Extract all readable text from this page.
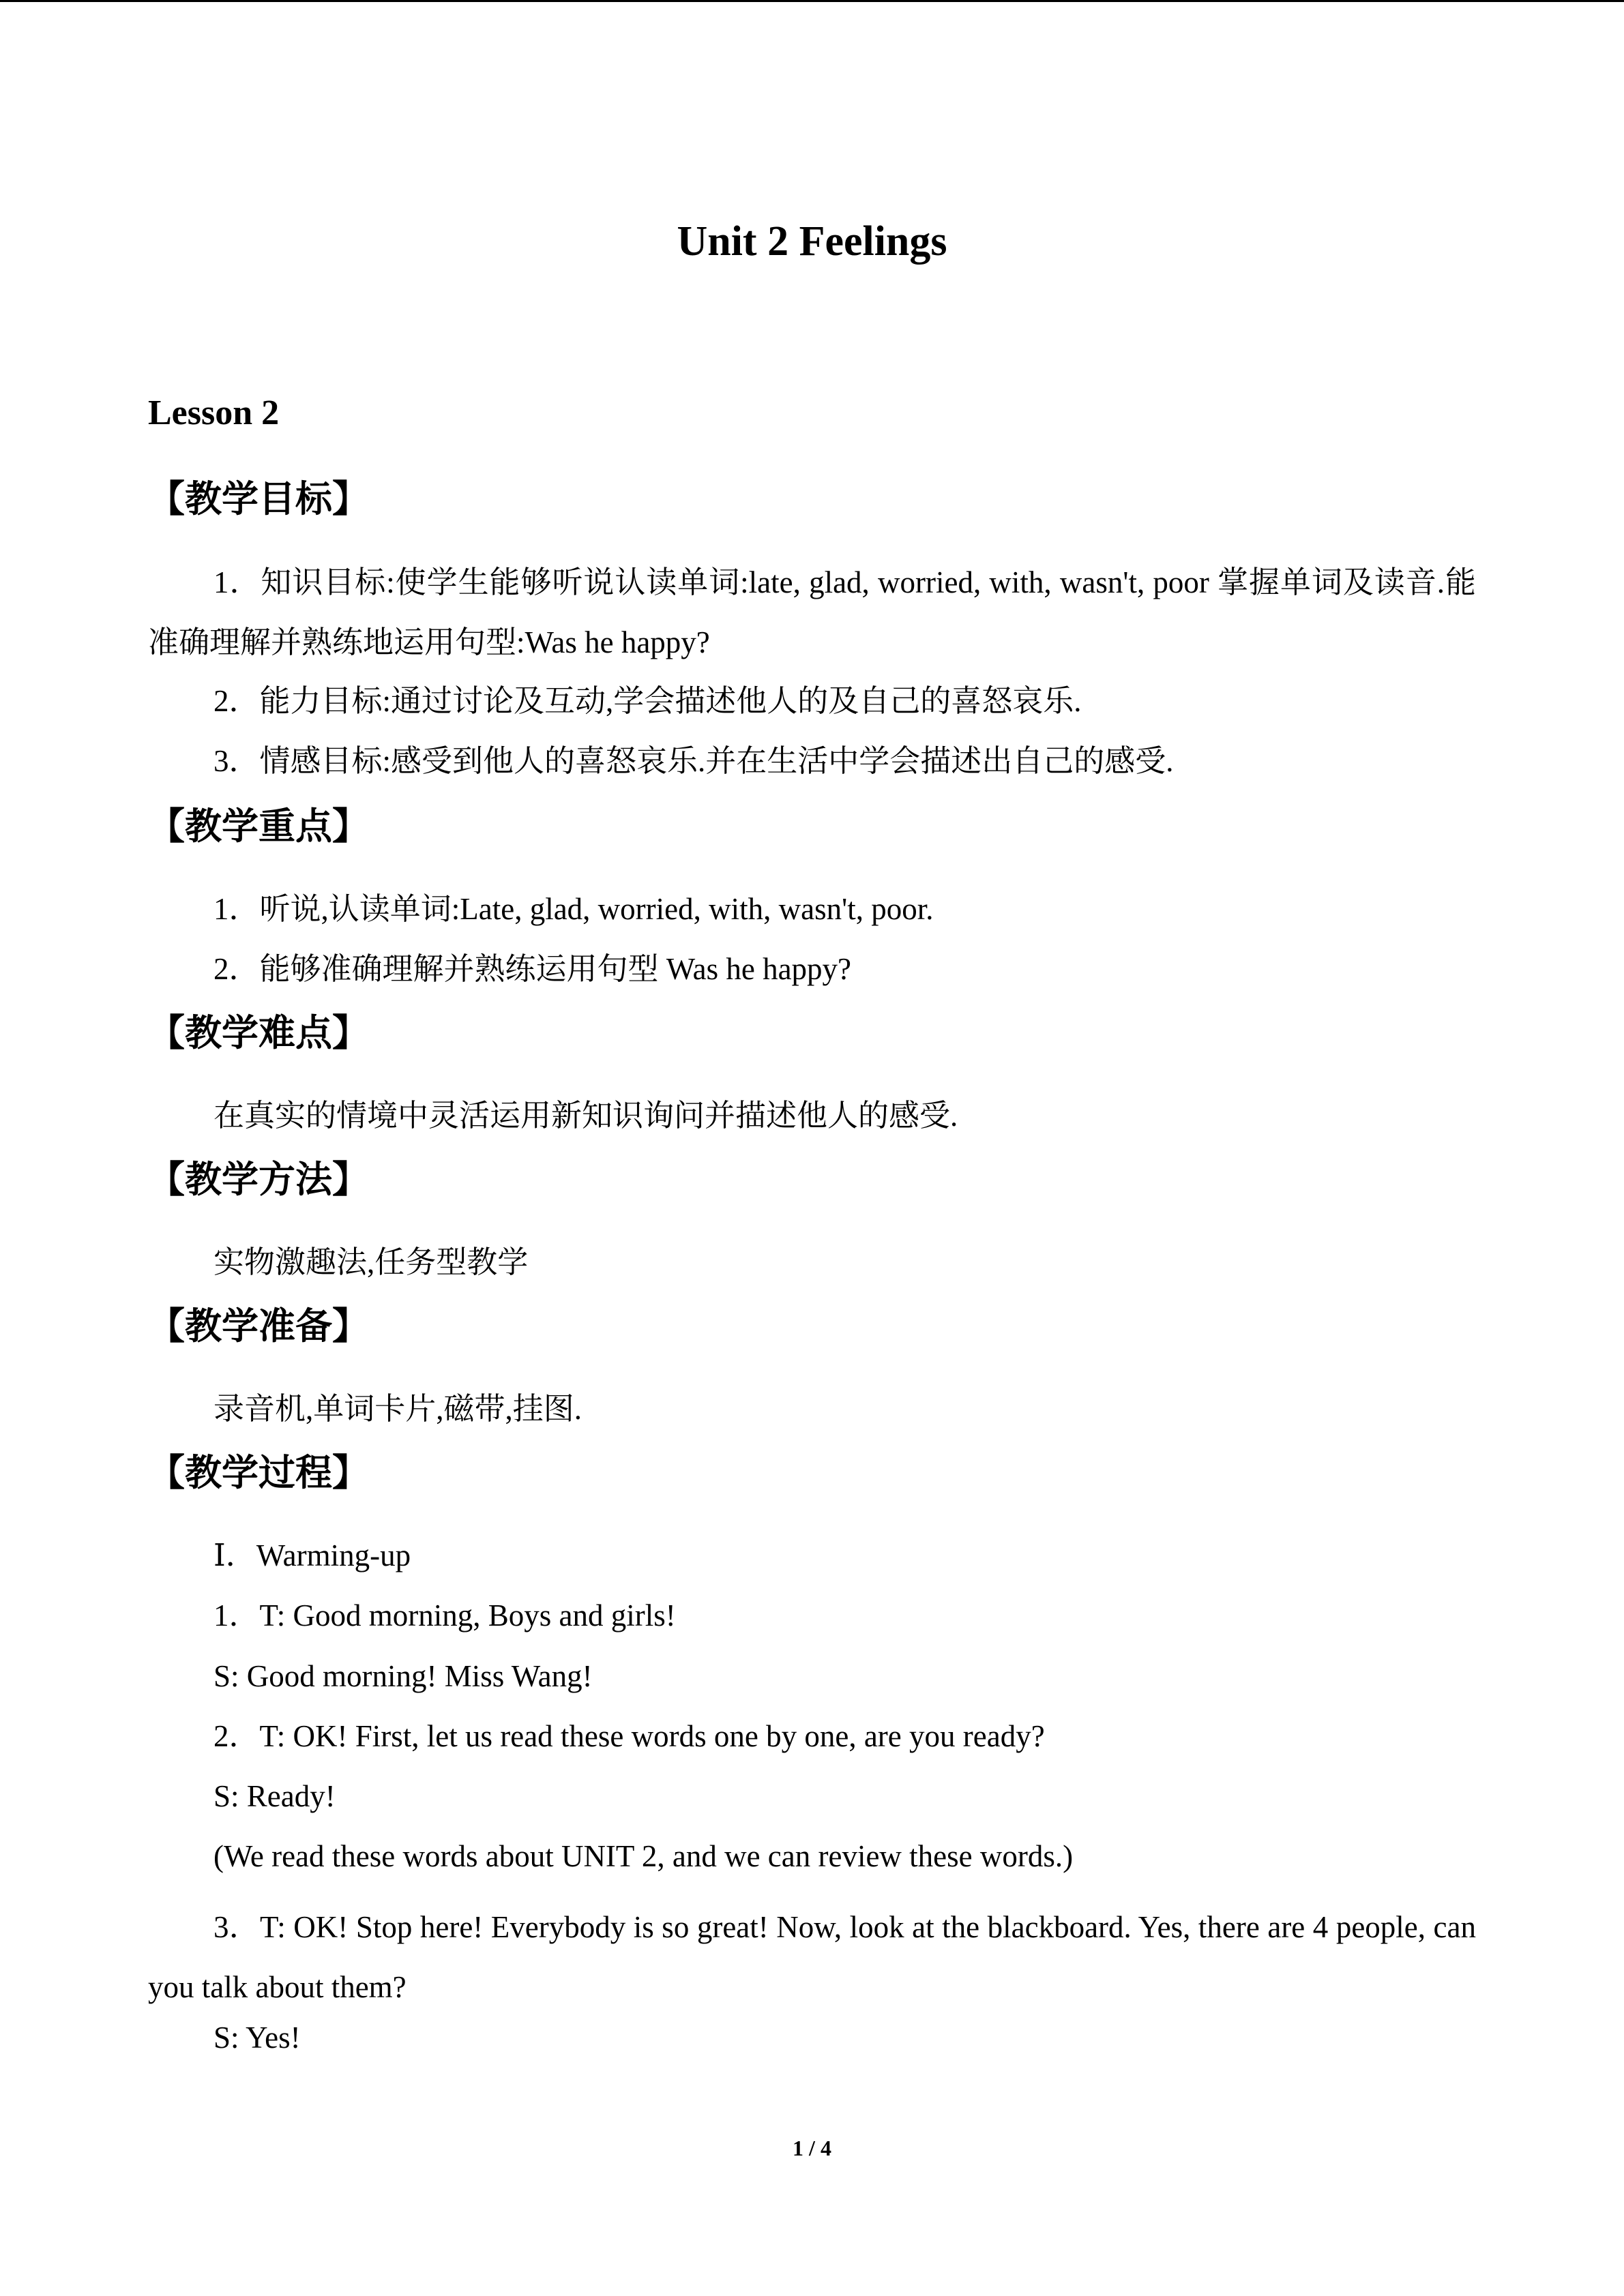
Unit 2 Feelings
Lesson 2
【教学目标】
1．知识目标:使学生能够听说认读单词:late, glad, worried, with, wasn't, poor 掌握单词及读音.能准确理解并熟练地运用句型:Was he happy?
2．能力目标:通过讨论及互动,学会描述他人的及自己的喜怒哀乐.
3．情感目标:感受到他人的喜怒哀乐.并在生活中学会描述出自己的感受.
【教学重点】
1．听说,认读单词:Late, glad, worried, with, wasn't, poor.
2．能够准确理解并熟练运用句型 Was he happy?
【教学难点】
在真实的情境中灵活运用新知识询问并描述他人的感受.
【教学方法】
实物激趣法,任务型教学
【教学准备】
录音机,单词卡片,磁带,挂图.
【教学过程】
Ⅰ．Warming-up
1．T: Good morning, Boys and girls!
S: Good morning! Miss Wang!
2．T: OK! First, let us read these words one by one, are you ready?
S: Ready!
(We read these words about UNIT 2, and we can review these words.)
3．T: OK! Stop here! Everybody is so great! Now, look at the blackboard. Yes, there are 4 people, can you talk about them?
S: Yes!
1 / 4
